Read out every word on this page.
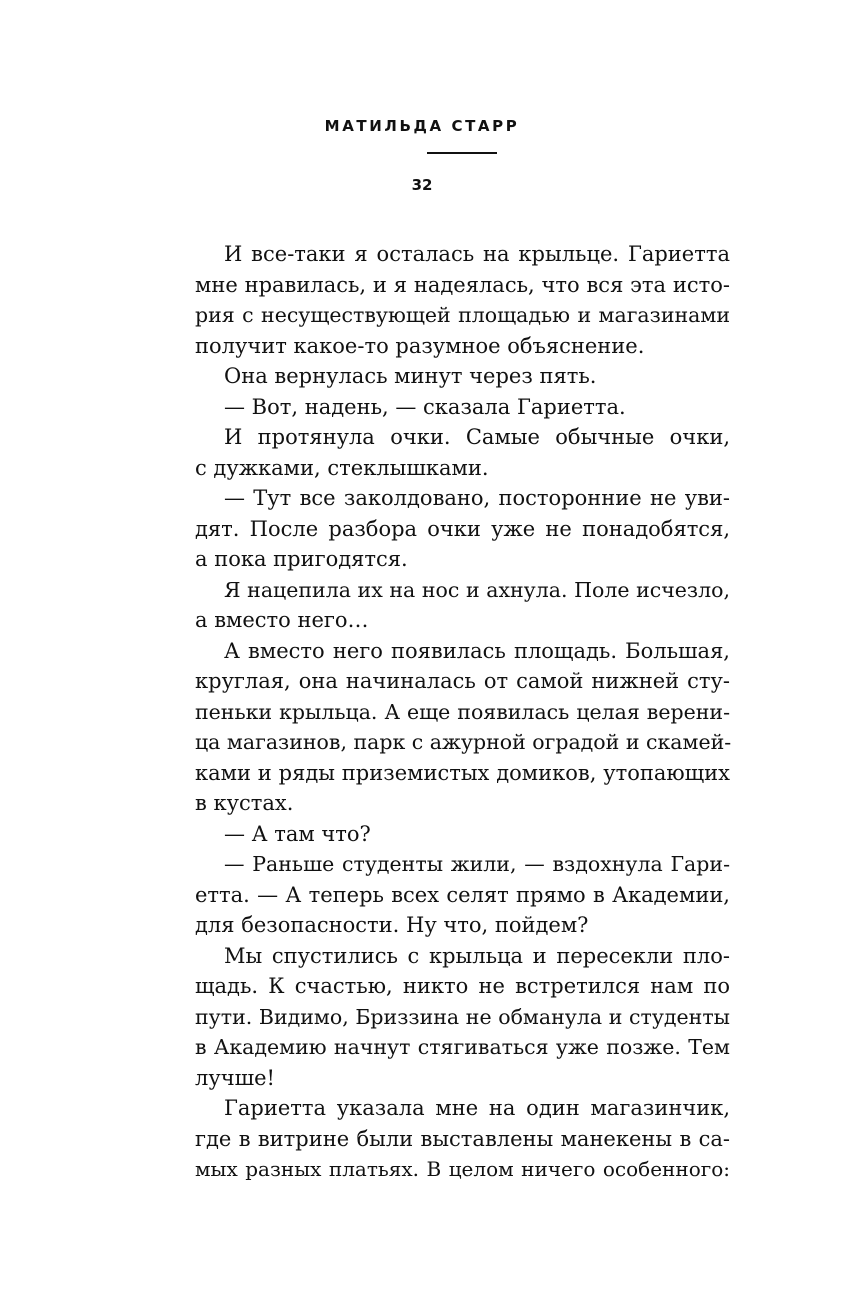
МАТИЛЬДА СТАРР
32
И все-таки я осталась на крыльце. Гариетта
мне нравилась, и я надеялась, что вся эта исто-
рия с несуществующей площадью и магазинами
получит какое-то разумное объяснение.
Она вернулась минут через пять.
— Вот, надень, — сказала Гариетта.
И протянула очки. Самые обычные очки,
с дужками, стеклышками.
— Тут все заколдовано, посторонние не уви-
дят. После разбора очки уже не понадобятся,
а пока пригодятся.
Я нацепила их на нос и ахнула. Поле исчезло,
а вместо него…
А вместо него появилась площадь. Большая,
круглая, она начиналась от самой нижней сту-
пеньки крыльца. А еще появилась целая верени-
ца магазинов, парк с ажурной оградой и скамей-
ками и ряды приземистых домиков, утопающих
в кустах.
— А там что?
— Раньше студенты жили, — вздохнула Гари-
етта. — А теперь всех селят прямо в Академии,
для безопасности. Ну что, пойдем?
Мы спустились с крыльца и пересекли пло-
щадь. К счастью, никто не встретился нам по
пути. Видимо, Бриззина не обманула и студенты
в Академию начнут стягиваться уже позже. Тем
лучше!
Гариетта указала мне на один магазинчик,
где в витрине были выставлены манекены в са-
мых разных платьях. В целом ничего особенного:
